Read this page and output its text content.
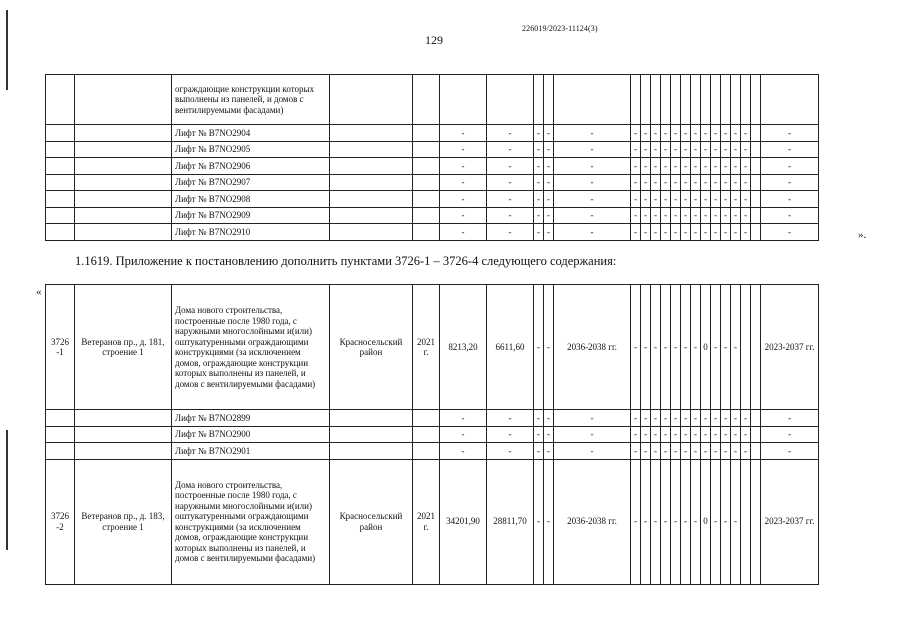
226019/2023-11124(3)
129
		ограждающие конструкции которых выполнены из панелей, и домов с вентилируемыми фасадами)																					
		Лифт № В7NO2904			-	-	-	-	-	-	-	-	-	-	-	-	-	-	-	-	-		-
		Лифт № В7NO2905			-	-	-	-	-	-	-	-	-	-	-	-	-	-	-	-	-		-
		Лифт № В7NO2906			-	-	-	-	-	-	-	-	-	-	-	-	-	-	-	-	-		-
		Лифт № В7NO2907			-	-	-	-	-	-	-	-	-	-	-	-	-	-	-	-	-		-
		Лифт № В7NO2908			-	-	-	-	-	-	-	-	-	-	-	-	-	-	-	-	-		-
		Лифт № В7NO2909			-	-	-	-	-	-	-	-	-	-	-	-	-	-	-	-	-		-
		Лифт № В7NO2910			-	-	-	-	-	-	-	-	-	-	-	-	-	-	-	-	-		-	».
1.1619. Приложение к постановлению дополнить пунктами 3726-1 – 3726-4 следующего содержания:
«
3726 -1	Ветеранов пр., д. 181, строение 1	Дома нового строительства, построенные после 1980 года, с наружными многослойными и(или) оштукатуренными ограждающими конструкциями (за исключением домов, ограждающие конструкции которых выполнены из панелей, и домов с вентилируемыми фасадами)	Красносельский район	2021 г.	8213,20	6611,60	-	-	2036-2038 гг.	-	-	-	-	-	-	-	0	-	-	-			2023-2037 гг.
		Лифт № В7NO2899			-	-	-	-	-	-	-	-	-	-	-	-	-	-	-	-	-		-
		Лифт № В7NO2900			-	-	-	-	-	-	-	-	-	-	-	-	-	-	-	-	-		-
		Лифт № В7NO2901			-	-	-	-	-	-	-	-	-	-	-	-	-	-	-	-	-		-
3726 -2	Ветеранов пр., д. 183, строение 1	Дома нового строительства, построенные после 1980 года, с наружными многослойными и(или) оштукатуренными ограждающими конструкциями (за исключением домов, ограждающие конструкции которых выполнены из панелей, и домов с вентилируемыми фасадами)	Красносельский район	2021 г.	34201,90	28811,70	-	-	2036-2038 гг.	-	-	-	-	-	-	-	0	-	-	-			2023-2037 гг.
